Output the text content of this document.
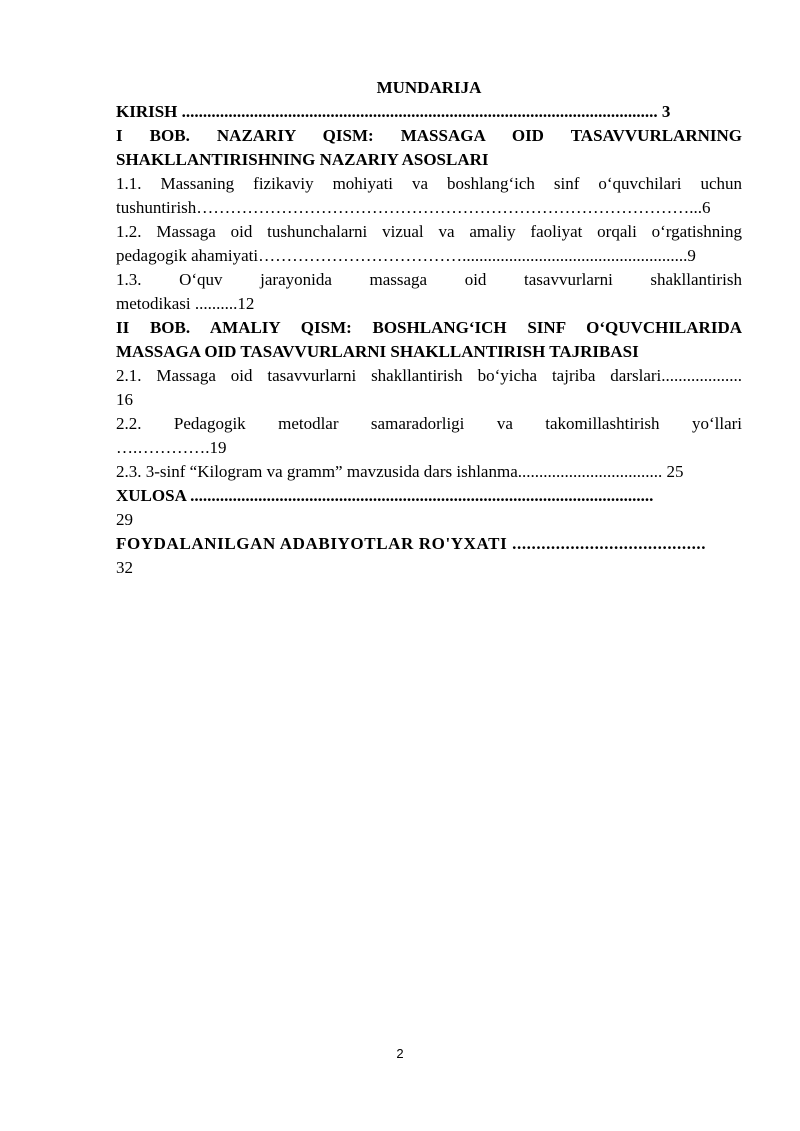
MUNDARIJA

KIRISH ................................................................................................................ 3

I BOB. NAZARIY QISM: MASSAGA OID TASAVVURLARNING

SHAKLLANTIRISHNING NAZARIY ASOSLARI

1.1. Massaning fizikaviy mohiyati va boshlang‘ich sinf o‘quvchilari uchun

tushuntirish……………………………………………………………………………...6

1.2. Massaga oid tushunchalarni vizual va amaliy faoliyat orqali o‘rgatishning

pedagogik ahamiyati……………………………….....................................................9

1.3. O‘quv jarayonida massaga oid tasavvurlarni shakllantirish

metodikasi ..........12

II BOB. AMALIY QISM: BOSHLANG‘ICH SINF O‘QUVCHILARIDA

MASSAGA OID TASAVVURLARNI SHAKLLANTIRISH TAJRIBASI

2.1. Massaga oid tasavvurlarni shakllantirish bo‘yicha tajriba darslari...................

16

2.2. Pedagogik metodlar samaradorligi va takomillashtirish yo‘llari

….………….19

2.3. 3-sinf “Kilogram va gramm” mavzusida dars ishlanma.................................. 25

XULOSA .............................................................................................................

29

FOYDALANILGAN ADABIYOTLAR RO'YXATI ........................................

32

2
